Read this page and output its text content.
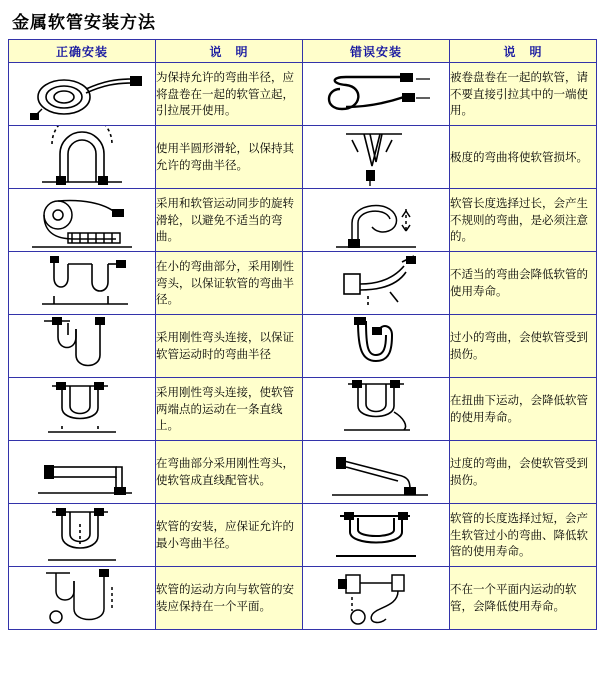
金属软管安装方法
正确安装	说　明	错误安装	说　明

	为保持允许的弯曲半径，应将盘卷在一起的软管立起，引拉展开使用。		被卷盘卷在一起的软管，请不要直接引拉其中的一端使用。

	使用半圆形滑轮，以保持其允许的弯曲半径。		极度的弯曲将使软管损坏。

	采用和软管运动同步的旋转滑轮，以避免不适当的弯曲。		软管长度选择过长，会产生不规则的弯曲，是必须注意的。

	在小的弯曲部分，采用刚性弯头，以保证软管的弯曲半径。		不适当的弯曲会降低软管的使用寿命。

	采用刚性弯头连接，以保证软管运动时的弯曲半径		过小的弯曲，会使软管受到损伤。

	采用刚性弯头连接，使软管两端点的运动在一条直线上。		在扭曲下运动，会降低软管的使用寿命。

	在弯曲部分采用刚性弯头，使软管成直线配管状。		过度的弯曲，会使软管受到损伤。

	软管的安装，应保证允许的最小弯曲半径。		软管的长度选择过短，会产生软管过小的弯曲、降低软管的使用寿命。

	软管的运动方向与软管的安装应保持在一个平面。		不在一个平面内运动的软管，会降低使用寿命。
